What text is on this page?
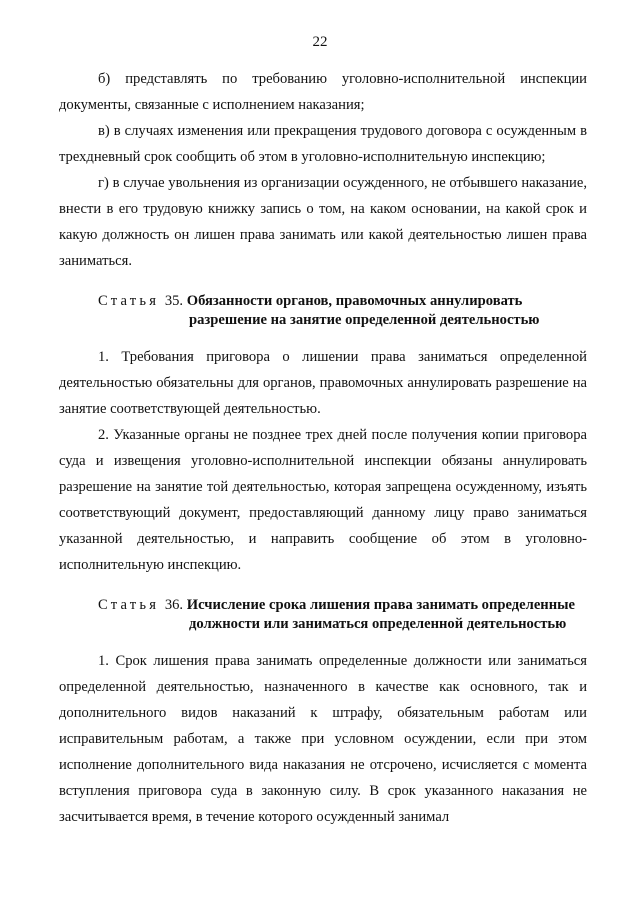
22

б) представлять по требованию уголовно-исполнительной инспекции документы, связанные с исполнением наказания;

в) в случаях изменения или прекращения трудового договора с осужденным в трехдневный срок сообщить об этом в уголовно-исполнительную инспекцию;

г) в случае увольнения из организации осужденного, не отбывшего наказание, внести в его трудовую книжку запись о том, на каком основании, на какой срок и какую должность он лишен права занимать или какой деятельностью лишен права заниматься.

Статья 35. Обязанности органов, правомочных аннулировать
разрешение на занятие определенной деятельностью

1. Требования приговора о лишении права заниматься определенной деятельностью обязательны для органов, правомочных аннулировать разрешение на занятие соответствующей деятельностью.

2. Указанные органы не позднее трех дней после получения копии приговора суда и извещения уголовно-исполнительной инспекции обязаны аннулировать разрешение на занятие той деятельностью, которая запрещена осужденному, изъять соответствующий документ, предоставляющий данному лицу право заниматься указанной деятельностью, и направить сообщение об этом в уголовно-исполнительную инспекцию.

Статья 36. Исчисление срока лишения права занимать определенные
должности или заниматься определенной деятельностью

1. Срок лишения права занимать определенные должности или заниматься определенной деятельностью, назначенного в качестве как основного, так и дополнительного видов наказаний к штрафу, обязательным работам или исправительным работам, а также при условном осуждении, если при этом исполнение дополнительного вида наказания не отсрочено, исчисляется с момента вступления приговора суда в законную силу. В срок указанного наказания не засчитывается время, в течение которого осужденный занимал
